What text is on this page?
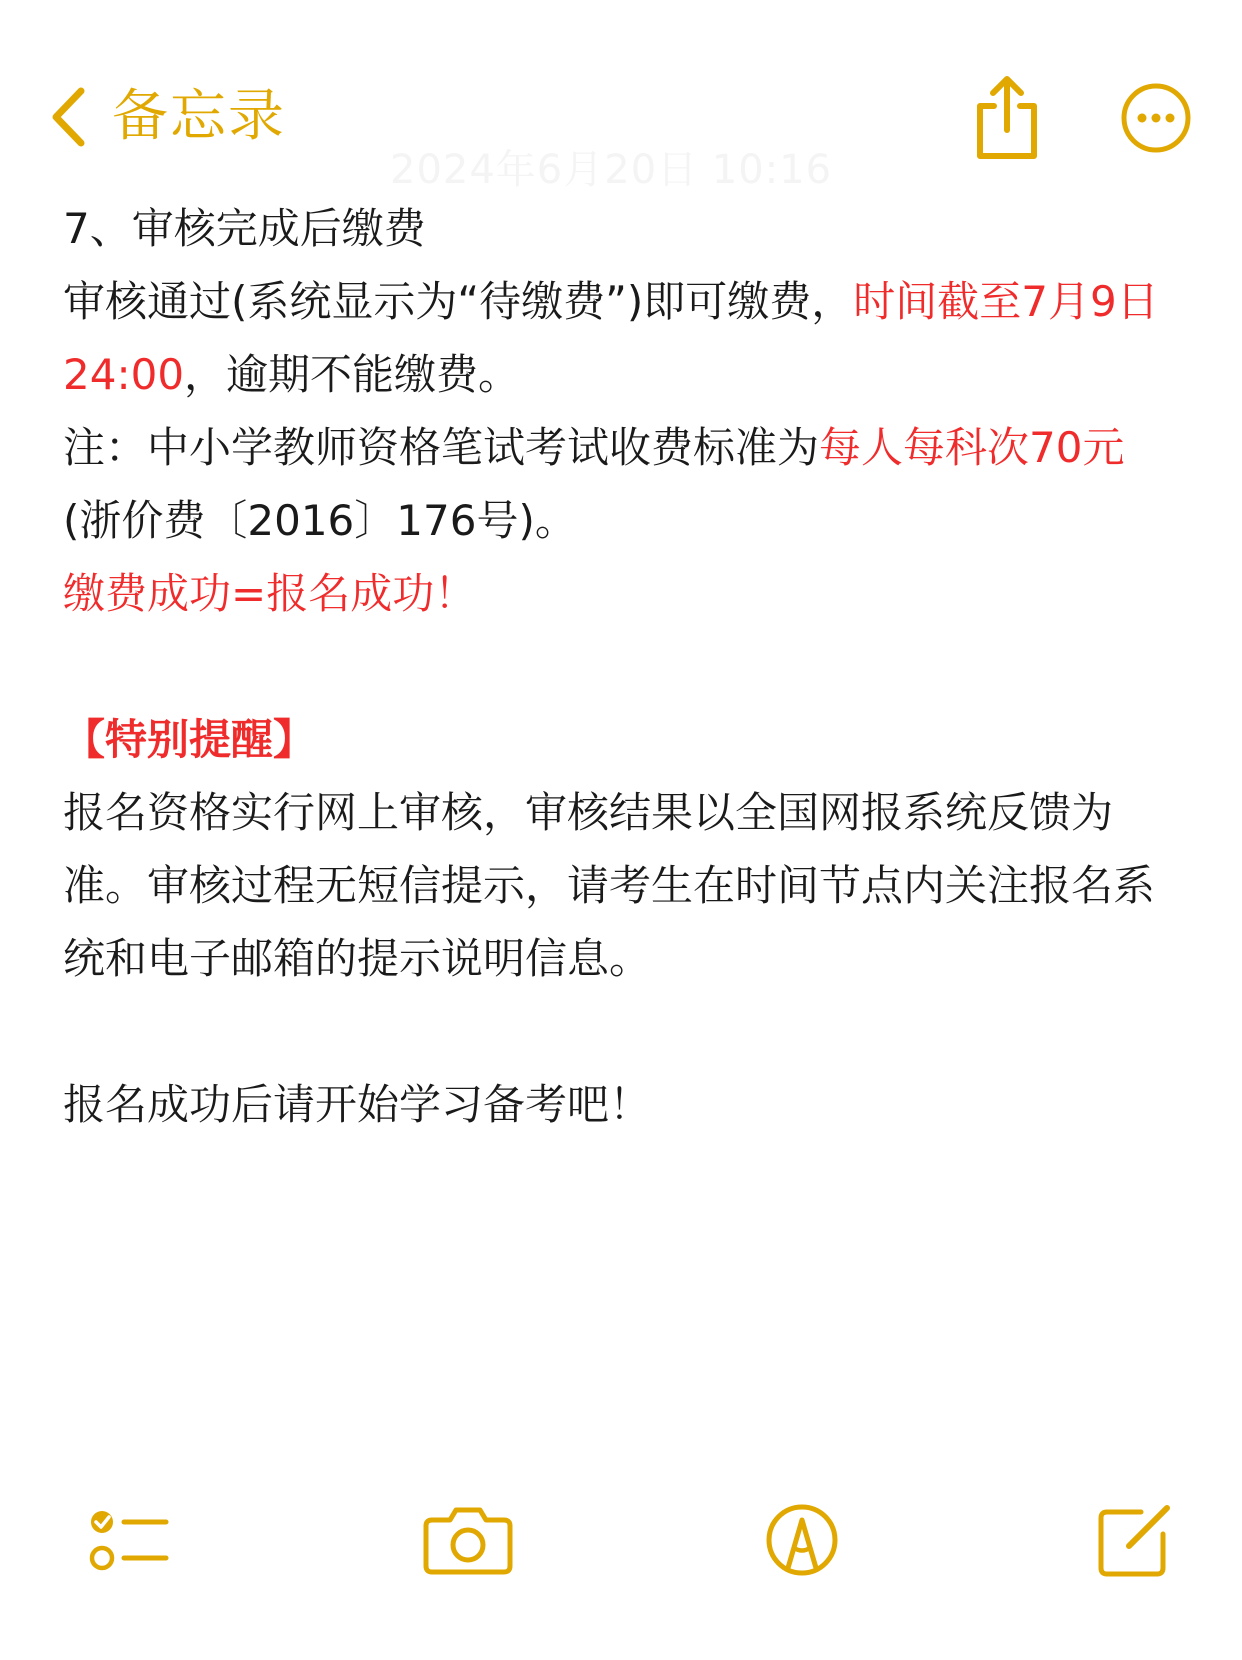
备忘录
2024年6月20日 10:16

7、审核完成后缴费

审核通过(系统显示为“待缴费”)即可缴费，时间截至7月9日24:00，逾期不能缴费。

注：中小学教师资格笔试考试收费标准为每人每科次70元
(浙价费〔2016〕176号)。

缴费成功=报名成功！

【特别提醒】

报名资格实行网上审核，审核结果以全国网报系统反馈为准。审核过程无短信提示，请考生在时间节点内关注报名系统和电子邮箱的提示说明信息。

报名成功后请开始学习备考吧！
